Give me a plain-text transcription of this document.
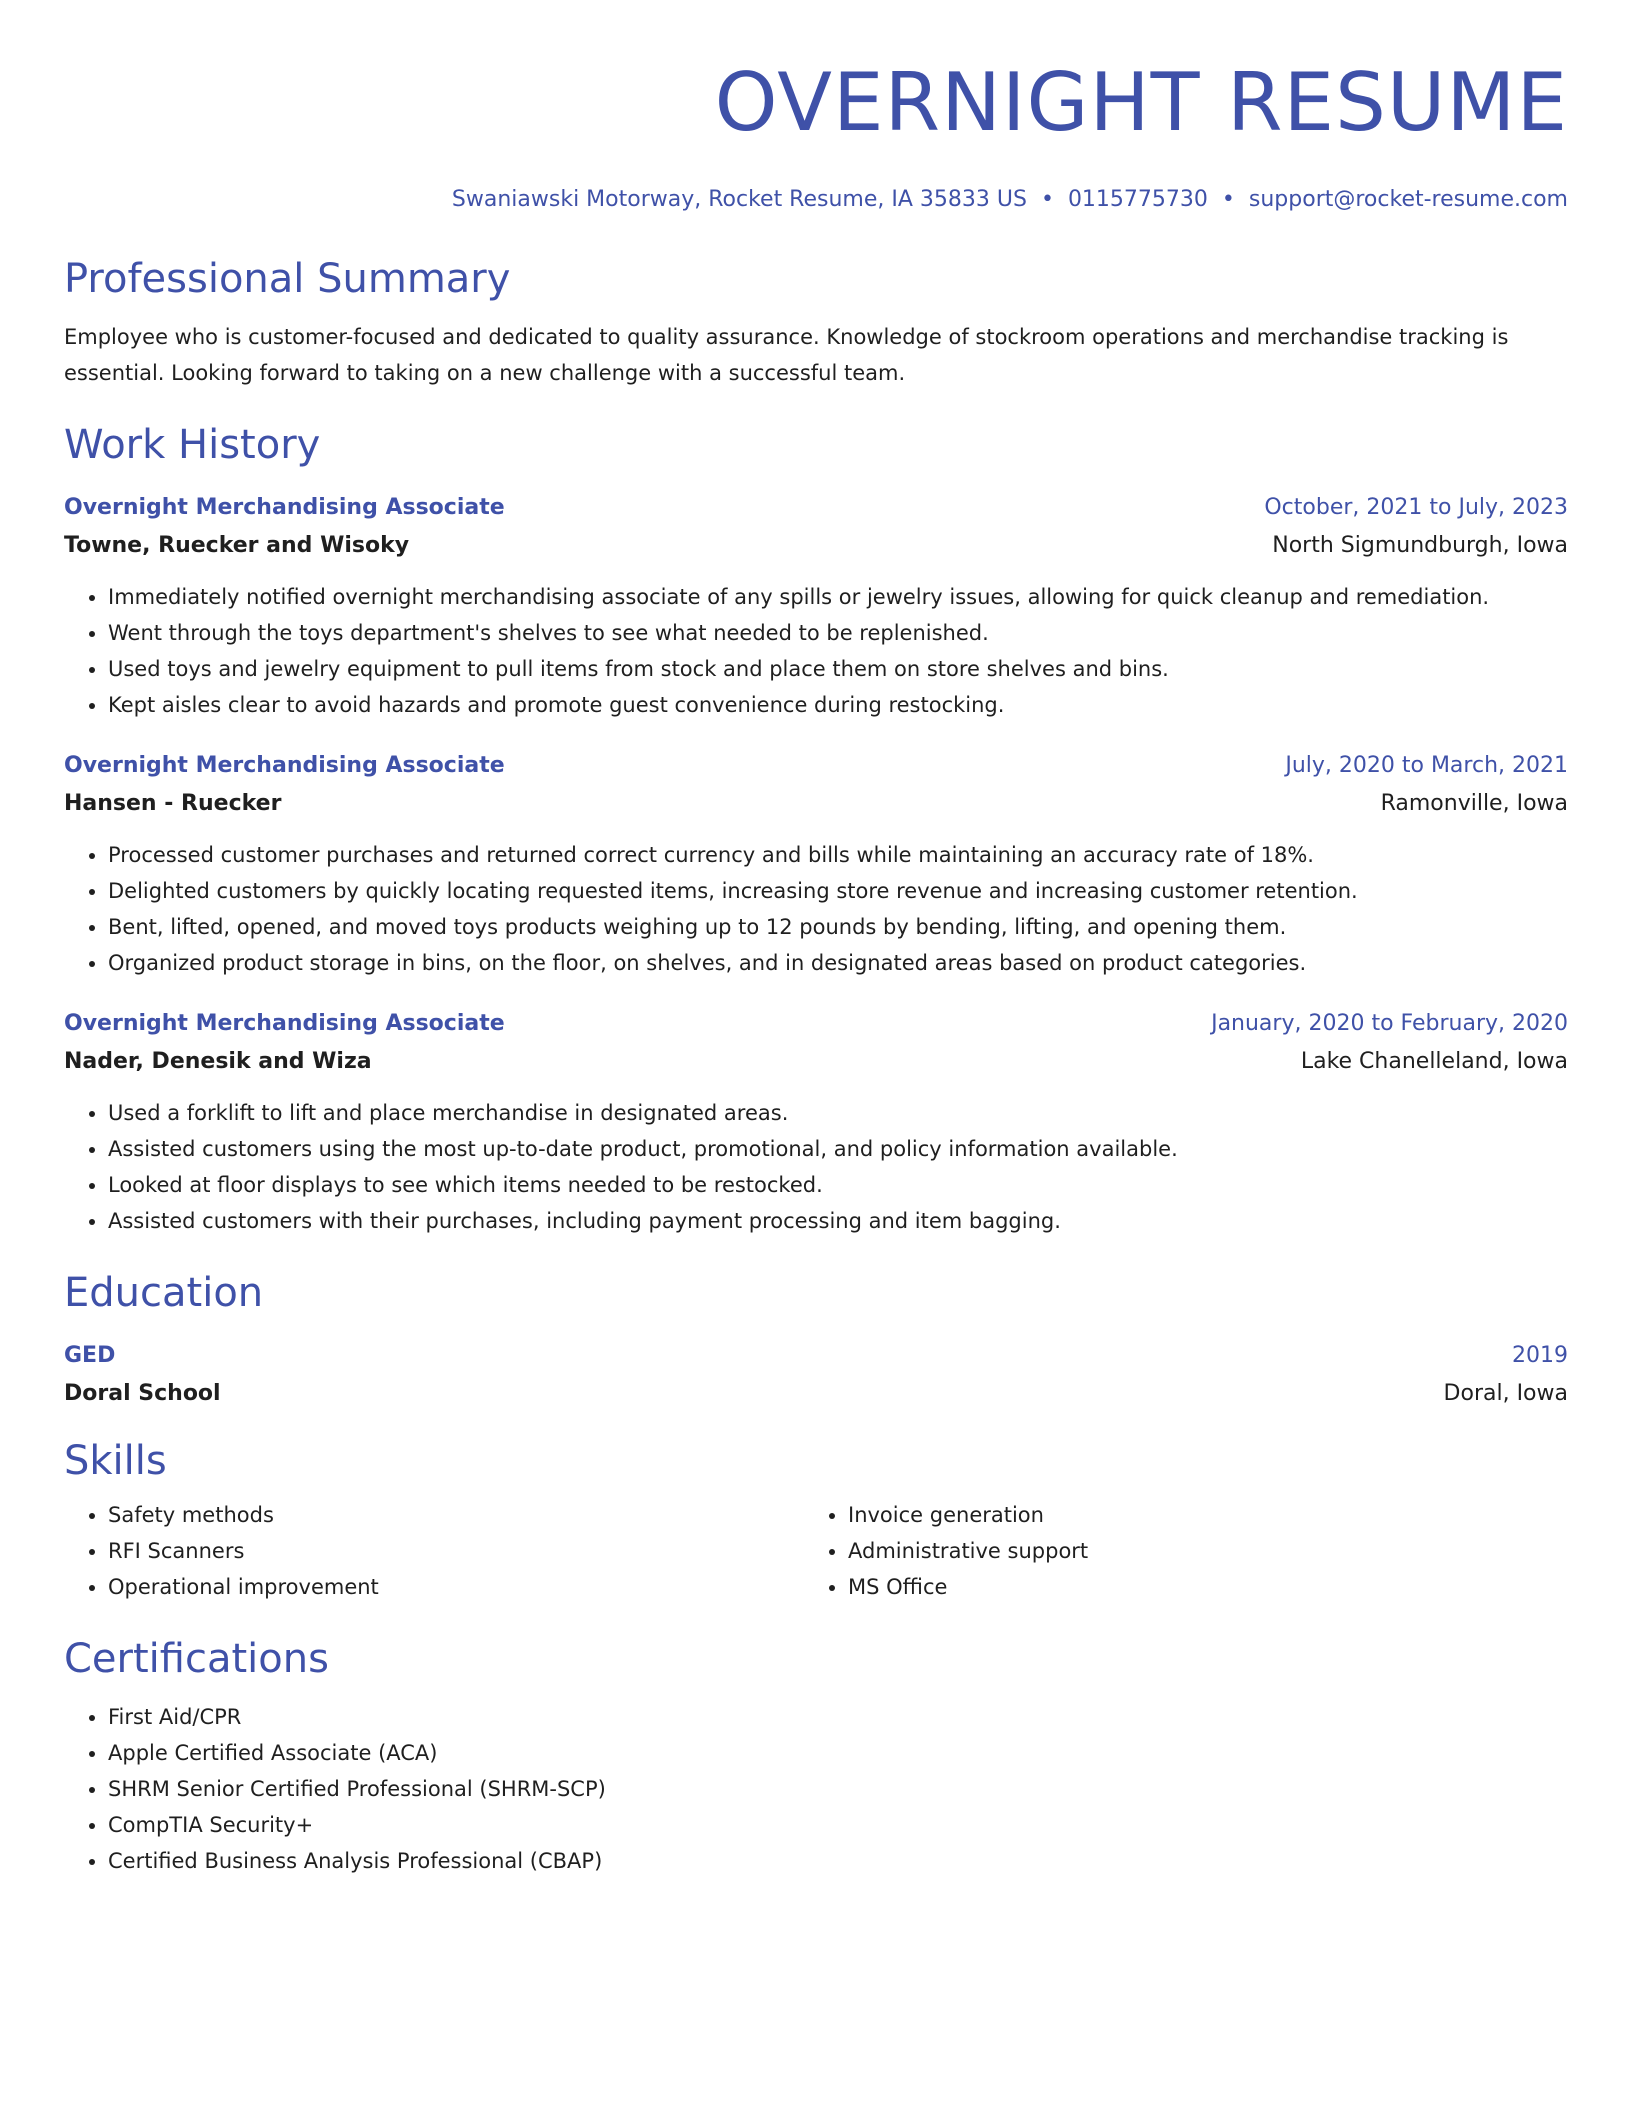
OVERNIGHT RESUME
Swaniawski Motorway, Rocket Resume, IA 35833 US • 0115775730 • support@rocket-resume.com
Professional Summary
Employee who is customer-focused and dedicated to quality assurance. Knowledge of stockroom operations and merchandise tracking is essential. Looking forward to taking on a new challenge with a successful team.
Work History
Overnight Merchandising Associate	October, 2021 to July, 2023
Towne, Ruecker and Wisoky	North Sigmundburgh, Iowa
• Immediately notified overnight merchandising associate of any spills or jewelry issues, allowing for quick cleanup and remediation.
• Went through the toys department's shelves to see what needed to be replenished.
• Used toys and jewelry equipment to pull items from stock and place them on store shelves and bins.
• Kept aisles clear to avoid hazards and promote guest convenience during restocking.
Overnight Merchandising Associate	July, 2020 to March, 2021
Hansen - Ruecker	Ramonville, Iowa
• Processed customer purchases and returned correct currency and bills while maintaining an accuracy rate of 18%.
• Delighted customers by quickly locating requested items, increasing store revenue and increasing customer retention.
• Bent, lifted, opened, and moved toys products weighing up to 12 pounds by bending, lifting, and opening them.
• Organized product storage in bins, on the floor, on shelves, and in designated areas based on product categories.
Overnight Merchandising Associate	January, 2020 to February, 2020
Nader, Denesik and Wiza	Lake Chanelleland, Iowa
• Used a forklift to lift and place merchandise in designated areas.
• Assisted customers using the most up-to-date product, promotional, and policy information available.
• Looked at floor displays to see which items needed to be restocked.
• Assisted customers with their purchases, including payment processing and item bagging.
Education
GED	2019
Doral School	Doral, Iowa
Skills
• Safety methods
• RFI Scanners
• Operational improvement
• Invoice generation
• Administrative support
• MS Office
Certifications
• First Aid/CPR
• Apple Certified Associate (ACA)
• SHRM Senior Certified Professional (SHRM-SCP)
• CompTIA Security+
• Certified Business Analysis Professional (CBAP)
